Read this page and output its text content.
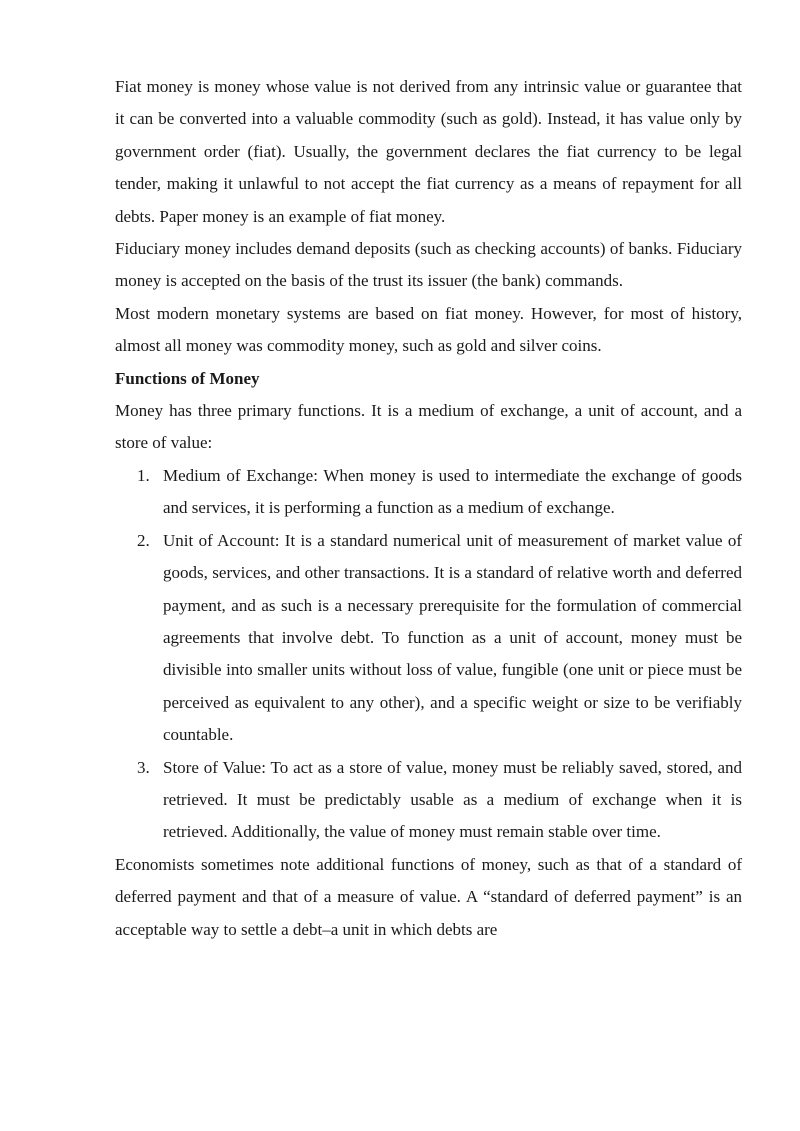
Fiat money is money whose value is not derived from any intrinsic value or guarantee that it can be converted into a valuable commodity (such as gold). Instead, it has value only by government order (fiat). Usually, the government declares the fiat currency to be legal tender, making it unlawful to not accept the fiat currency as a means of repayment for all debts. Paper money is an example of fiat money.

Fiduciary money includes demand deposits (such as checking accounts) of banks. Fiduciary money is accepted on the basis of the trust its issuer (the bank) commands.

Most modern monetary systems are based on fiat money. However, for most of history, almost all money was commodity money, such as gold and silver coins.

Functions of Money

Money has three primary functions. It is a medium of exchange, a unit of account, and a store of value:

1. Medium of Exchange: When money is used to intermediate the exchange of goods and services, it is performing a function as a medium of exchange.
2. Unit of Account: It is a standard numerical unit of measurement of market value of goods, services, and other transactions. It is a standard of relative worth and deferred payment, and as such is a necessary prerequisite for the formulation of commercial agreements that involve debt. To function as a unit of account, money must be divisible into smaller units without loss of value, fungible (one unit or piece must be perceived as equivalent to any other), and a specific weight or size to be verifiably countable.
3. Store of Value: To act as a store of value, money must be reliably saved, stored, and retrieved. It must be predictably usable as a medium of exchange when it is retrieved. Additionally, the value of money must remain stable over time.

Economists sometimes note additional functions of money, such as that of a standard of deferred payment and that of a measure of value. A “standard of deferred payment” is an acceptable way to settle a debt–a unit in which debts are
